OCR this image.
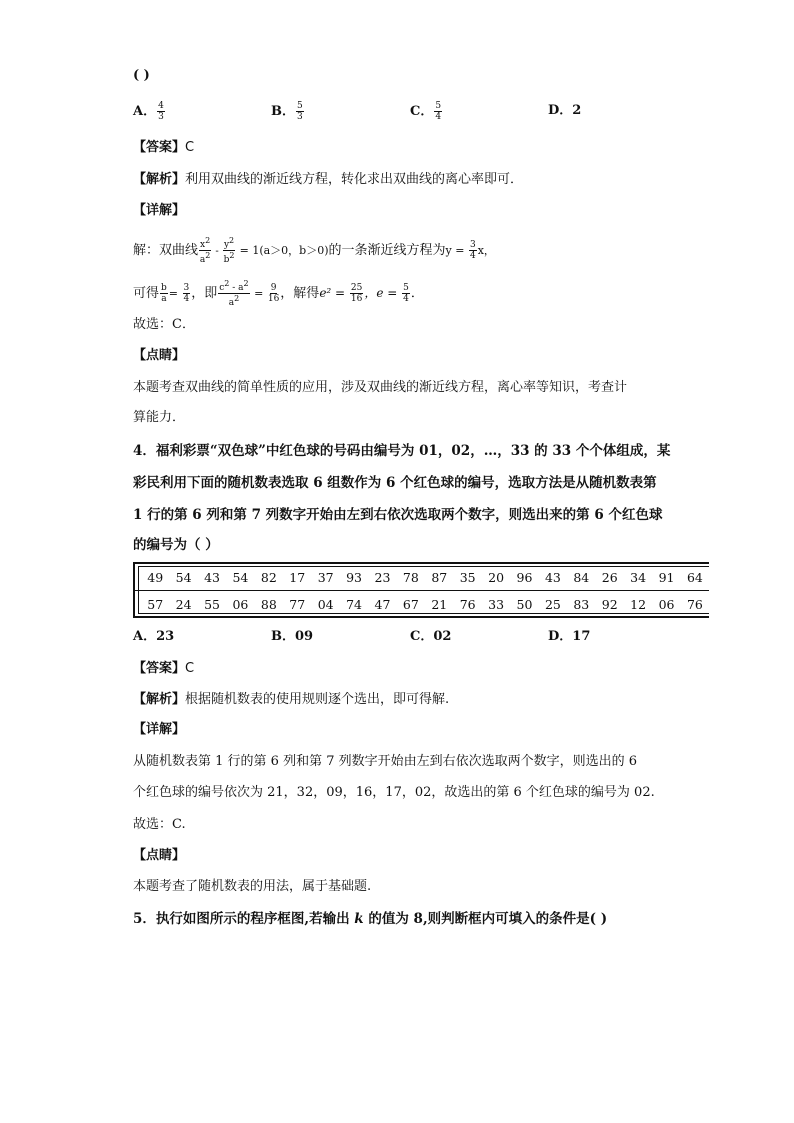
( )
A． $\frac{4}{3}$	B． $\frac{5}{3}$	C． $\frac{5}{4}$	D．2
【答案】C
【解析】利用双曲线的渐近线方程，转化求出双曲线的离心率即可．
【详解】
解：双曲线 $\frac{x2}{a2} - \frac{y2}{b2} = 1(a>0$，b＞0)的一条渐近线方程为$y = \frac{3}{4}$ x，
可得 $\frac{b}{a} = \frac{3}{4}$ ，即 $\frac{c2 - a2}{a2} = \frac{9}{16}$ ，解得$e^2 = \frac{25}{16}$ ，$e = \frac{5}{4}$ ．
故选：C．
【点睛】
本题考查双曲线的简单性质的应用，涉及双曲线的渐近线方程，离心率等知识，考查计
算能力．
4．福利彩票“双色球”中红色球的号码由编号为 01，02，…，33 的 33 个个体组成，某
彩民利用下面的随机数表选取 6 组数作为 6 个红色球的编号，选取方法是从随机数表第
1 行的第 6 列和第 7 列数字开始由左到右依次选取两个数字，则选出来的第 6 个红色球
的编号为（ ）
49	54	43	54	82	17	37	93	23	78	87	35	20	96	43	84	26	34	91	64
57	24	55	06	88	77	04	74	47	67	21	76	33	50	25	83	92	12	06	76
A．23	B．09	C．02	D．17
【答案】C
【解析】根据随机数表的使用规则逐个选出，即可得解.
【详解】
从随机数表第 1 行的第 6 列和第 7 列数字开始由左到右依次选取两个数字，则选出的 6
个红色球的编号依次为 21，32，09，16，17，02，故选出的第 6 个红色球的编号为 02.
故选：C.
【点睛】
本题考查了随机数表的用法，属于基础题.
5．执行如图所示的程序框图,若输出 k 的值为 8,则判断框内可填入的条件是( )
